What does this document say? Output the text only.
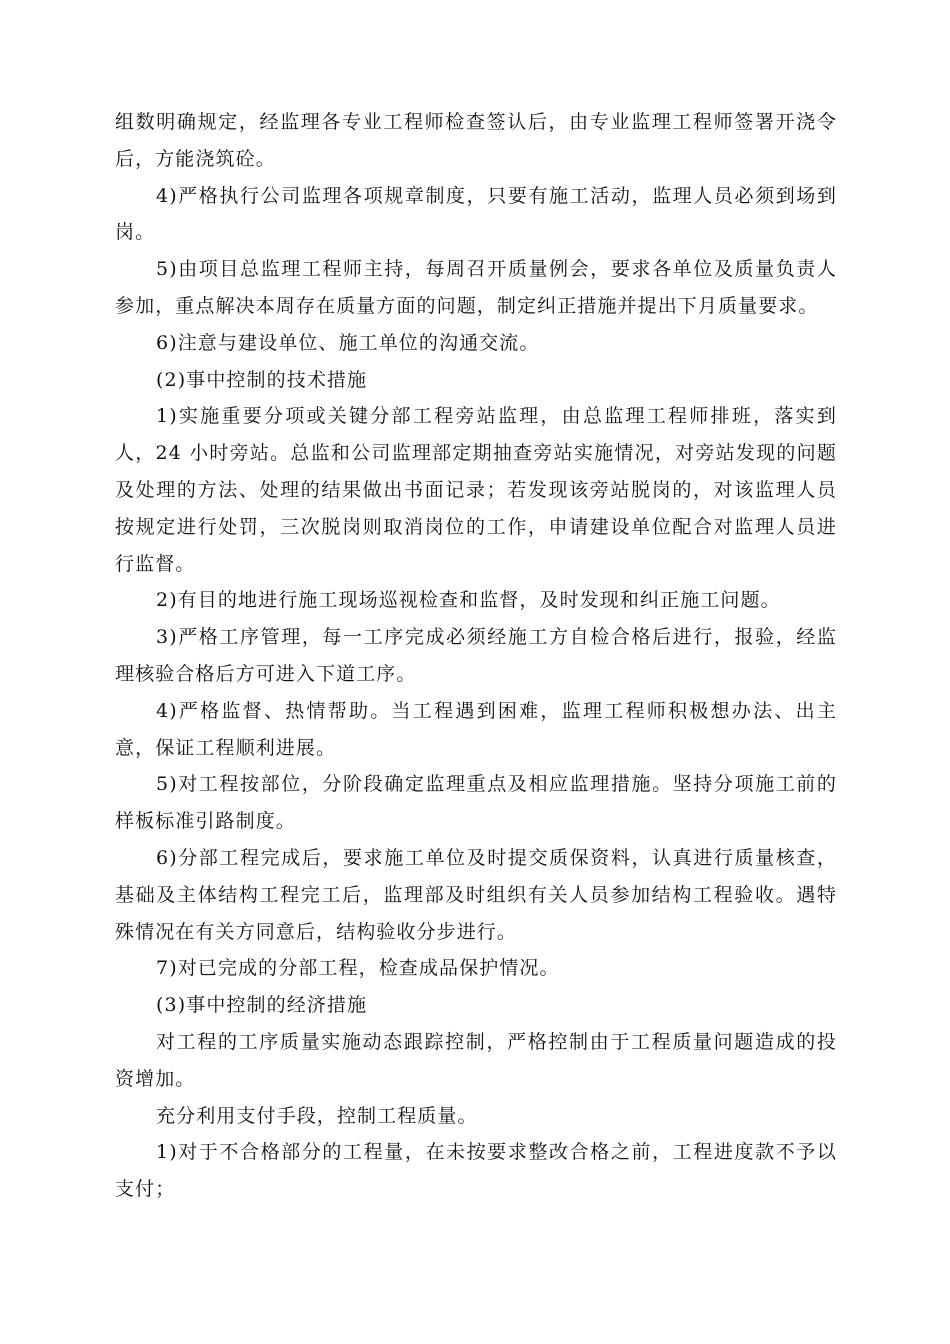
组数明确规定，经监理各专业工程师检查签认后，由专业监理工程师签署开浇令后，方能浇筑砼。

4)严格执行公司监理各项规章制度，只要有施工活动，监理人员必须到场到岗。

5)由项目总监理工程师主持，每周召开质量例会，要求各单位及质量负责人参加，重点解决本周存在质量方面的问题，制定纠正措施并提出下月质量要求。

6)注意与建设单位、施工单位的沟通交流。

(2)事中控制的技术措施

1)实施重要分项或关键分部工程旁站监理，由总监理工程师排班，落实到人，24 小时旁站。总监和公司监理部定期抽查旁站实施情况，对旁站发现的问题及处理的方法、处理的结果做出书面记录；若发现该旁站脱岗的，对该监理人员按规定进行处罚，三次脱岗则取消岗位的工作，申请建设单位配合对监理人员进行监督。

2)有目的地进行施工现场巡视检查和监督，及时发现和纠正施工问题。

3)严格工序管理，每一工序完成必须经施工方自检合格后进行，报验，经监理核验合格后方可进入下道工序。

4)严格监督、热情帮助。当工程遇到困难，监理工程师积极想办法、出主意，保证工程顺利进展。

5)对工程按部位，分阶段确定监理重点及相应监理措施。坚持分项施工前的样板标准引路制度。

6)分部工程完成后，要求施工单位及时提交质保资料，认真进行质量核查，基础及主体结构工程完工后，监理部及时组织有关人员参加结构工程验收。遇特殊情况在有关方同意后，结构验收分步进行。

7)对已完成的分部工程，检查成品保护情况。

(3)事中控制的经济措施

对工程的工序质量实施动态跟踪控制，严格控制由于工程质量问题造成的投资增加。

充分利用支付手段，控制工程质量。

1)对于不合格部分的工程量，在未按要求整改合格之前，工程进度款不予以支付；
